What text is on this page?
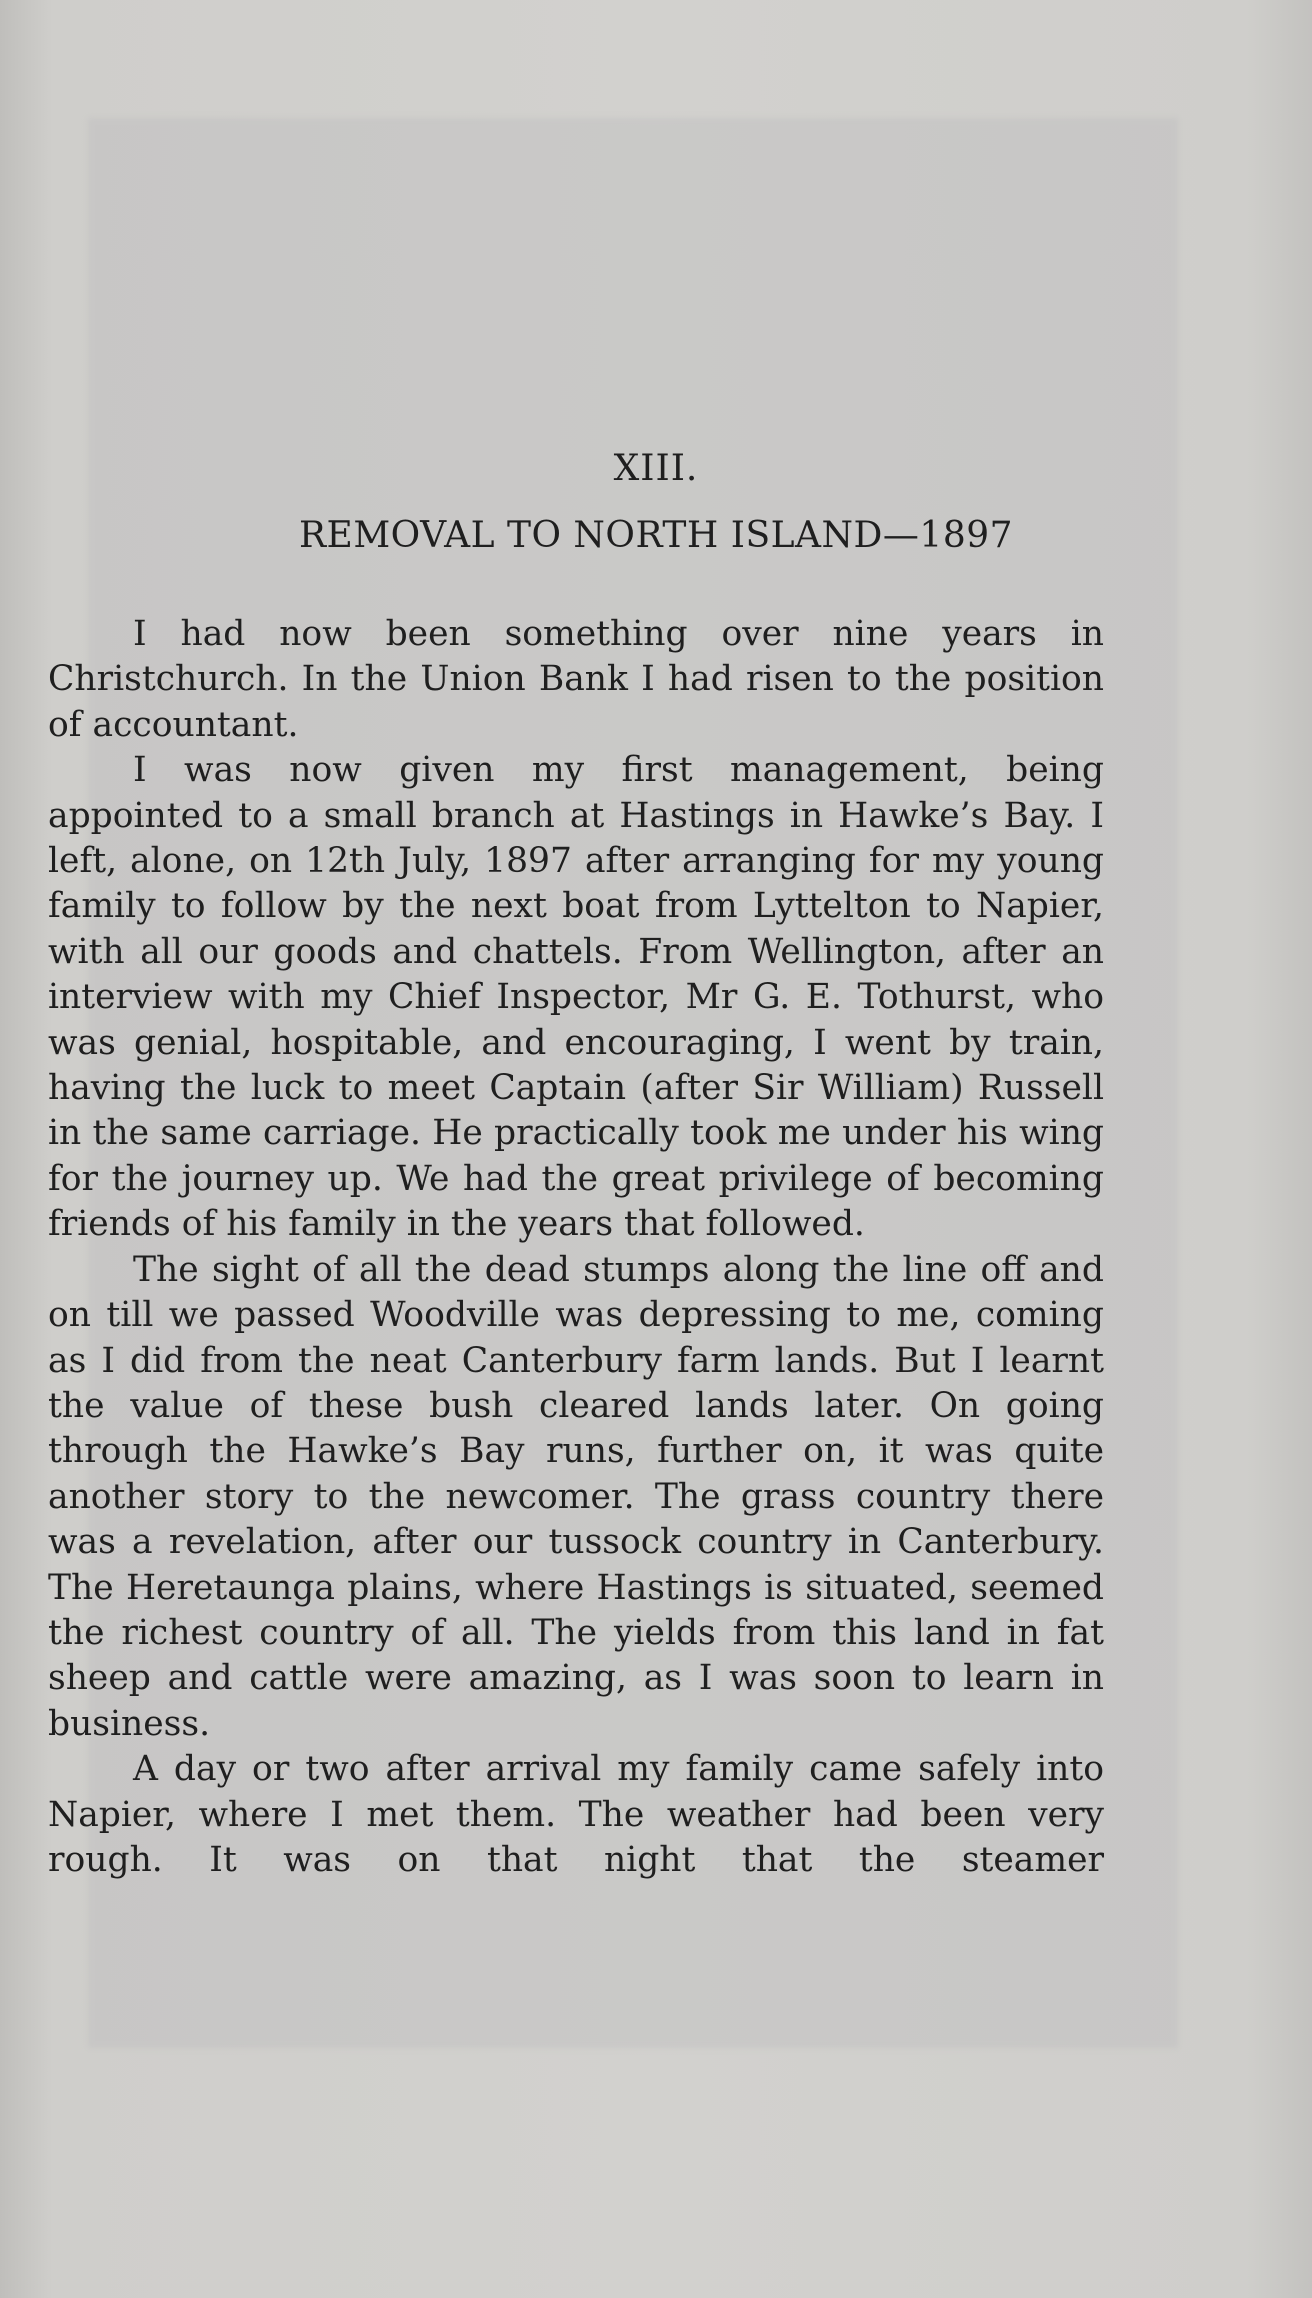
XIII.
REMOVAL TO NORTH ISLAND—1897

I had now been something over nine years in Christchurch. In the Union Bank I had risen to the position of accountant.

I was now given my first management, being appointed to a small branch at Hastings in Hawke’s Bay. I left, alone, on 12th July, 1897 after arranging for my young family to follow by the next boat from Lyttelton to Napier, with all our goods and chattels. From Wellington, after an interview with my Chief Inspector, Mr G. E. Tothurst, who was genial, hospitable, and encouraging, I went by train, having the luck to meet Captain (after Sir William) Russell in the same carriage. He practically took me under his wing for the journey up. We had the great privilege of becoming friends of his family in the years that followed.

The sight of all the dead stumps along the line off and on till we passed Woodville was depressing to me, coming as I did from the neat Canterbury farm lands. But I learnt the value of these bush cleared lands later. On going through the Hawke’s Bay runs, further on, it was quite another story to the newcomer. The grass country there was a revelation, after our tussock country in Canterbury. The Heretaunga plains, where Hastings is situated, seemed the richest country of all. The yields from this land in fat sheep and cattle were amazing, as I was soon to learn in business.

A day or two after arrival my family came safely into Napier, where I met them. The weather had been very rough. It was on that night that the steamer
